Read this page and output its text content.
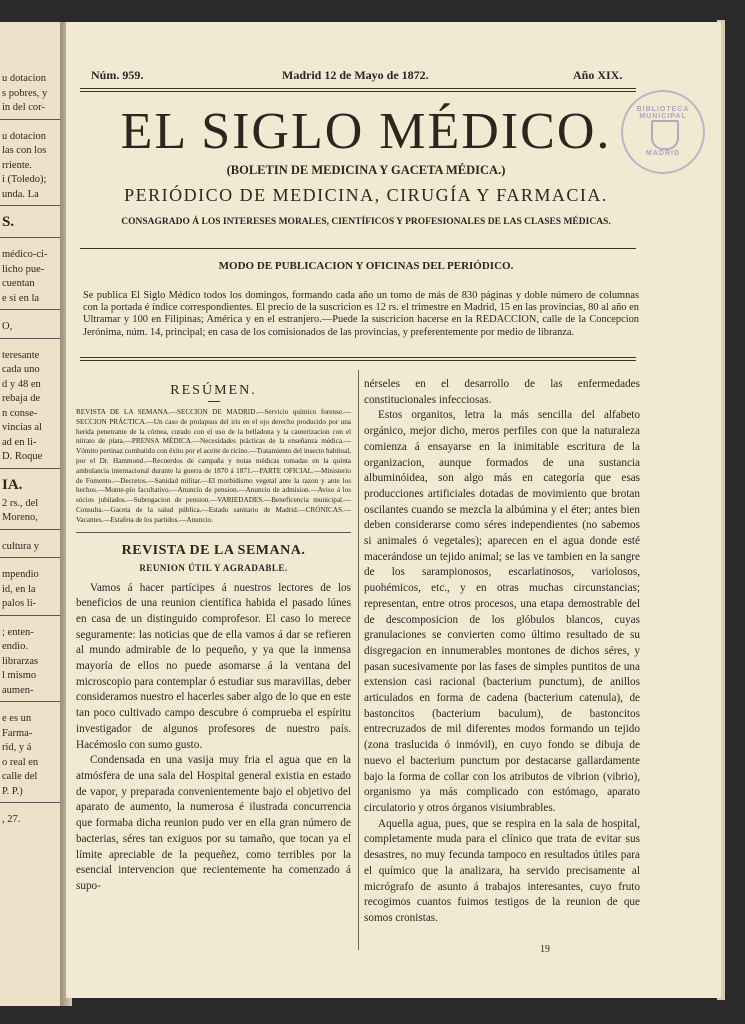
u dotacion
s pobres, y
in del cor-
u dotacion
las con los
rriente.
i (Toledo);
unda. La
S.
médico-ci-
licho pue-
cuentan
e si en la
O,
teresante
cada uno
d y 48 en
rebaja de
n conse-
vincias al
ad en li-
D. Roque
IA.
2 rs., del
Moreno,
cultura y
mpendio
id, en la
palos li-
; enten-
endio.
librarzas
l mismo
aumen-
e es un
Farma-
rid, y á
o real en
calle del
P. P.)
, 27.
Núm. 959.	Madrid 12 de Mayo de 1872.	Año XIX.
EL SIGLO MÉDICO.
(BOLETIN DE MEDICINA Y GACETA MÉDICA.)
PERIÓDICO DE MEDICINA, CIRUGÍA Y FARMACIA.
CONSAGRADO Á LOS INTERESES MORALES, CIENTÍFICOS Y PROFESIONALES DE LAS CLASES MÉDICAS.
MODO DE PUBLICACION Y OFICINAS DEL PERIÓDICO.

Se publica El Siglo Médico todos los domingos, formando cada año un tomo de más de 830 páginas y doble número de columnas con la portada é índice correspondientes. El precio de la suscricion es 12 rs. el trimestre en Madrid, 15 en las provincias, 80 al año en Ultramar y 100 en Filipinas; América y en el estranjero.—Puede la suscricion hacerse en la REDACCION, calle de la Concepcion Jerónima, núm. 14, principal; en casa de los comisionados de las provincias, y preferentemente por medio de libranza.

RESÚMEN.

REVISTA DE LA SEMANA.—SECCION DE MADRID.—Servicio químico forense.—SECCION PRÁCTICA.—Un caso de prolapsus del iris en el ojo derecho producido por una herida penetrante de la córnea, curado con el uso de la belladona y la cauterizacion con el nitrato de plata.—PRENSA MÉDICA.—Necesidades prácticas de la enseñanza médica.—Vómito pertinaz combatido con éxito por el aceite de ricino.—Tratamiento del insecto habitual, por el Dr. Hammond.—Recuerdos de campaña y notas médicas tomadas en la quinta ambulancia internacional durante la guerra de 1870 á 1871.—PARTE OFICIAL.—Ministerio de Fomento.—Decretos.—Sanidad militar.—El morbidismo vegetal ante la razon y ante los hechos.—Monte-pío facultativo.—Anuncio de pension.—Anuncio de admision.—Aviso á los sócios jubilados.—Subrogacion de pension.—VARIEDADES.—Beneficencia municipal.—Consulta.—Gaceta de la salud pública.—Estado sanitario de Madrid.—CRÓNICAS.—Vacantes.—Estafeta de los partidos.—Anuncio.

REVISTA DE LA SEMANA.
REUNION ÚTIL Y AGRADABLE.

Vamos á hacer partícipes á nuestros lectores de los beneficios de una reunion científica habida el pasado lúnes en casa de un distinguido comprofesor. El caso lo merece seguramente: las noticias que de ella vamos á dar se refieren al mundo admirable de lo pequeño, y ya que la inmensa mayoría de ellos no puede asomarse á la ventana del microscopio para contemplar ó estudiar sus maravillas, deber consideramos nuestro el hacerles saber algo de lo que en este tan poco cultivado campo descubre ó comprueba el espíritu investigador de algunos profesores de nuestro país. Hacémoslo con sumo gusto.

Condensada en una vasija muy fria el agua que en la atmósfera de una sala del Hospital general existia en estado de vapor, y preparada convenientemente bajo el objetivo del aparato de aumento, la numerosa é ilustrada concurrencia que formaba dicha reunion pudo ver en ella gran número de bacterias, séres tan exiguos por su tamaño, que tocan ya el límite apreciable de la pequeñez, como terribles por la esencial intervencion que recientemente ha comenzado á supo-

nérseles en el desarrollo de las enfermedades constitucionales infecciosas.

Estos organitos, letra la más sencilla del alfabeto orgánico, mejor dicho, meros perfiles con que la naturaleza comienza á ensayarse en la inimitable escritura de la organizacion, aunque formados de una sustancia albuminóidea, son algo más en categoría que esas producciones artificiales dotadas de movimiento que brotan oscilantes cuando se mezcla la albúmina y el éter; antes bien deben considerarse como séres independientes (no sabemos si animales ó vegetales); aparecen en el agua donde esté macerándose un tejido animal; se las ve tambien en la sangre de los sarampionosos, escarlatinosos, variolosos, puohémicos, etc., y en otras muchas circunstancias; representan, entre otros procesos, una etapa demostrable del de descomposicion de los glóbulos blancos, cuyas granulaciones se convierten como último resultado de su disgregacion en innumerables montones de dichos séres, y pasan sucesivamente por las fases de simples puntitos de una extension casi racional (bacterium punctum), de anillos articulados en forma de cadena (bacterium catenula), de bastoncitos (bacterium baculum), de bastoncitos entrecruzados de mil diferentes modos formando un tejido (zona traslucida ó inmóvil), en cuyo fondo se dibuja de nuevo el bacterium punctum por destacarse gallardamente bajo la forma de collar con los atributos de vibrion (vibrio), organismo ya más complicado con estómago, aparato circulatorio y otros órganos visiumbrables.

Aquella agua, pues, que se respira en la sala de hospital, completamente muda para el clínico que trata de evitar sus desastres, no muy fecunda tampoco en resultados útiles para el químico que la analizara, ha servido precisamente al micrógrafo de asunto á trabajos interesantes, cuyo fruto recogimos cuantos fuimos testigos de la reunion de que somos cronistas.

19
BIBLIOTECA MUNICIPAL
MADRID
